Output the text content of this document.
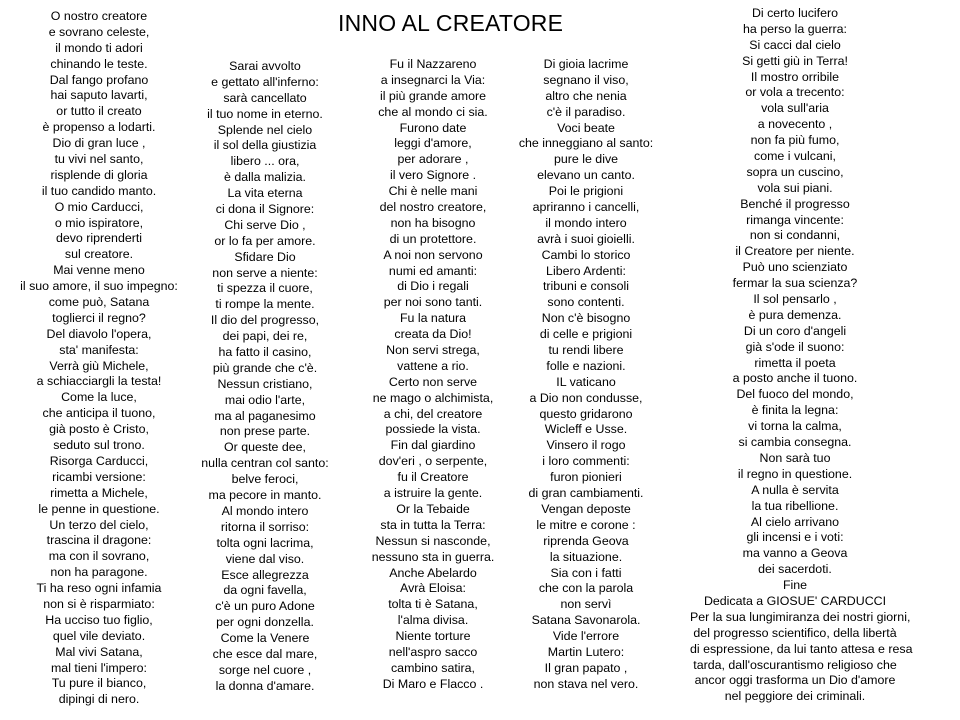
INNO AL CREATORE
O nostro creatore
e sovrano celeste,
il mondo ti adori
chinando le teste.
Dal fango profano
hai saputo lavarti,
or tutto il creato
è propenso a lodarti.
Dio di gran luce ,
tu vivi nel santo,
risplende di gloria
il tuo candido manto.
O mio Carducci,
o mio ispiratore,
devo riprenderti
sul creatore.
Mai venne meno
il suo amore, il suo impegno:
come può, Satana
toglierci il regno?
Del diavolo l'opera,
sta' manifesta:
Verrà giù Michele,
a schiacciargli la testa!
Come la luce,
che anticipa il tuono,
già posto è Cristo,
seduto sul trono.
Risorga Carducci,
ricambi versione:
rimetta a Michele,
le penne in questione.
Un terzo del cielo,
trascina il dragone:
ma con il sovrano,
non ha paragone.
Ti ha reso ogni infamia
non si è risparmiato:
Ha ucciso tuo figlio,
quel vile deviato.
Mal vivi Satana,
mal tieni l'impero:
Tu pure il bianco,
dipingi di nero.
Sarai avvolto
e gettato all'inferno:
sarà cancellato
il tuo nome in eterno.
Splende nel cielo
il sol della giustizia
libero ... ora,
è dalla malizia.
La vita eterna
ci dona il Signore:
Chi serve Dio ,
or lo fa per amore.
Sfidare Dio
non serve a niente:
ti spezza il cuore,
ti rompe la mente.
Il dio del progresso,
dei papi, dei re,
ha fatto il casino,
più grande che c'è.
Nessun cristiano,
mai odio l'arte,
ma al paganesimo
non prese parte.
Or queste dee,
nulla centran col santo:
belve feroci,
ma pecore in manto.
Al mondo intero
ritorna il sorriso:
tolta ogni lacrima,
viene dal viso.
Esce allegrezza
da ogni favella,
c'è un puro Adone
per ogni donzella.
Come la Venere
che esce dal mare,
sorge nel cuore ,
la donna d'amare.
Fu il Nazzareno
a insegnarci la Via:
il più grande amore
che al mondo ci sia.
Furono date
leggi d'amore,
per adorare ,
il vero Signore .
Chi è nelle mani
del nostro creatore,
non ha bisogno
di un protettore.
A noi non servono
numi ed amanti:
di Dio i regali
per noi sono tanti.
Fu la natura
creata da Dio!
Non servi strega,
vattene a rio.
Certo non serve
ne mago o alchimista,
a chi, del creatore
possiede la vista.
Fin dal giardino
dov'eri , o serpente,
fu il Creatore
a istruire la gente.
Or la Tebaide
sta in tutta la Terra:
Nessun si nasconde,
nessuno sta in guerra.
Anche Abelardo
Avrà Eloisa:
tolta ti è Satana,
l'alma divisa.
Niente torture
nell'aspro sacco
cambino satira,
Di Maro e Flacco .
Di gioia lacrime
segnano il viso,
altro che nenia
c'è il paradiso.
Voci beate
che inneggiano al santo:
pure le dive
elevano un canto.
Poi le prigioni
apriranno i cancelli,
il mondo intero
avrà i suoi gioielli.
Cambi lo storico
Libero Ardenti:
tribuni e consoli
sono contenti.
Non c'è bisogno
di celle e prigioni
tu rendi libere
folle e nazioni.
IL vaticano
a Dio non condusse,
questo gridarono
Wicleff e Usse.
Vinsero il rogo
i loro commenti:
furon pionieri
di gran cambiamenti.
Vengan deposte
le mitre e corone :
riprenda Geova
la situazione.
Sia con i fatti
che con la parola
non servì
Satana Savonarola.
Vide l'errore
Martin Lutero:
Il gran papato ,
non stava nel vero.
Di certo lucifero
ha perso la guerra:
Si cacci dal cielo
Si getti giù in Terra!
Il mostro orribile
or vola a trecento:
vola sull'aria
a novecento ,
non fa più fumo,
come i vulcani,
sopra un cuscino,
vola sui piani.
Benché il progresso
rimanga vincente:
non si condanni,
il Creatore per niente.
Può uno scienziato
fermar la sua scienza?
Il sol pensarlo ,
è pura demenza.
Di un coro d'angeli
già s'ode il suono:
rimetta il poeta
a posto anche il tuono.
Del fuoco del mondo,
è finita la legna:
vi torna la calma,
si cambia consegna.
Non sarà tuo
il regno in questione.
A nulla è servita
la tua ribellione.
Al cielo arrivano
gli incensi e i voti:
ma vanno a Geova
dei sacerdoti.
Fine
Dedicata a GIOSUE' CARDUCCI
Per la sua lungimiranza dei nostri giorni,
del progresso scientifico, della libertà
di espressione, da lui tanto attesa e resa
tarda, dall'oscurantismo religioso che
ancor oggi trasforma un Dio d'amore
nel peggiore dei criminali.
